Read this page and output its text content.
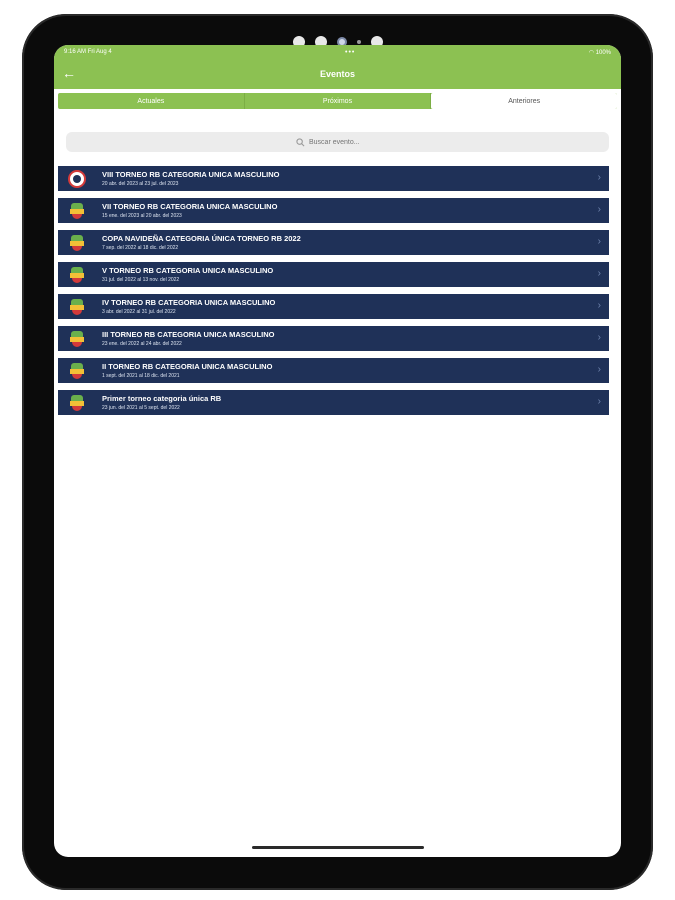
9:16 AM Fri Aug 4	•••	◠ 100%
←	Eventos
Actuales	Próximos	Anteriores
Buscar evento...
VIII TORNEO RB CATEGORIA UNICA MASCULINO
20 abr. del 2023 al 23 jul. del 2023
›
VII TORNEO RB CATEGORIA UNICA MASCULINO
15 ene. del 2023 al 20 abr. del 2023
›
COPA NAVIDEÑA CATEGORIA ÚNICA TORNEO RB 2022
7 sep. del 2022 al 18 dic. del 2022
›
V TORNEO RB CATEGORIA UNICA MASCULINO
31 jul. del 2022 al 13 nov. del 2022
›
IV TORNEO RB CATEGORIA UNICA MASCULINO
3 abr. del 2022 al 31 jul. del 2022
›
III TORNEO RB CATEGORIA UNICA MASCULINO
23 ene. del 2022 al 24 abr. del 2022
›
II TORNEO RB CATEGORIA UNICA MASCULINO
1 sept. del 2021 al 18 dic. del 2021
›
Primer torneo categoria única RB
23 jun. del 2021 al 5 sept. del 2022
›
